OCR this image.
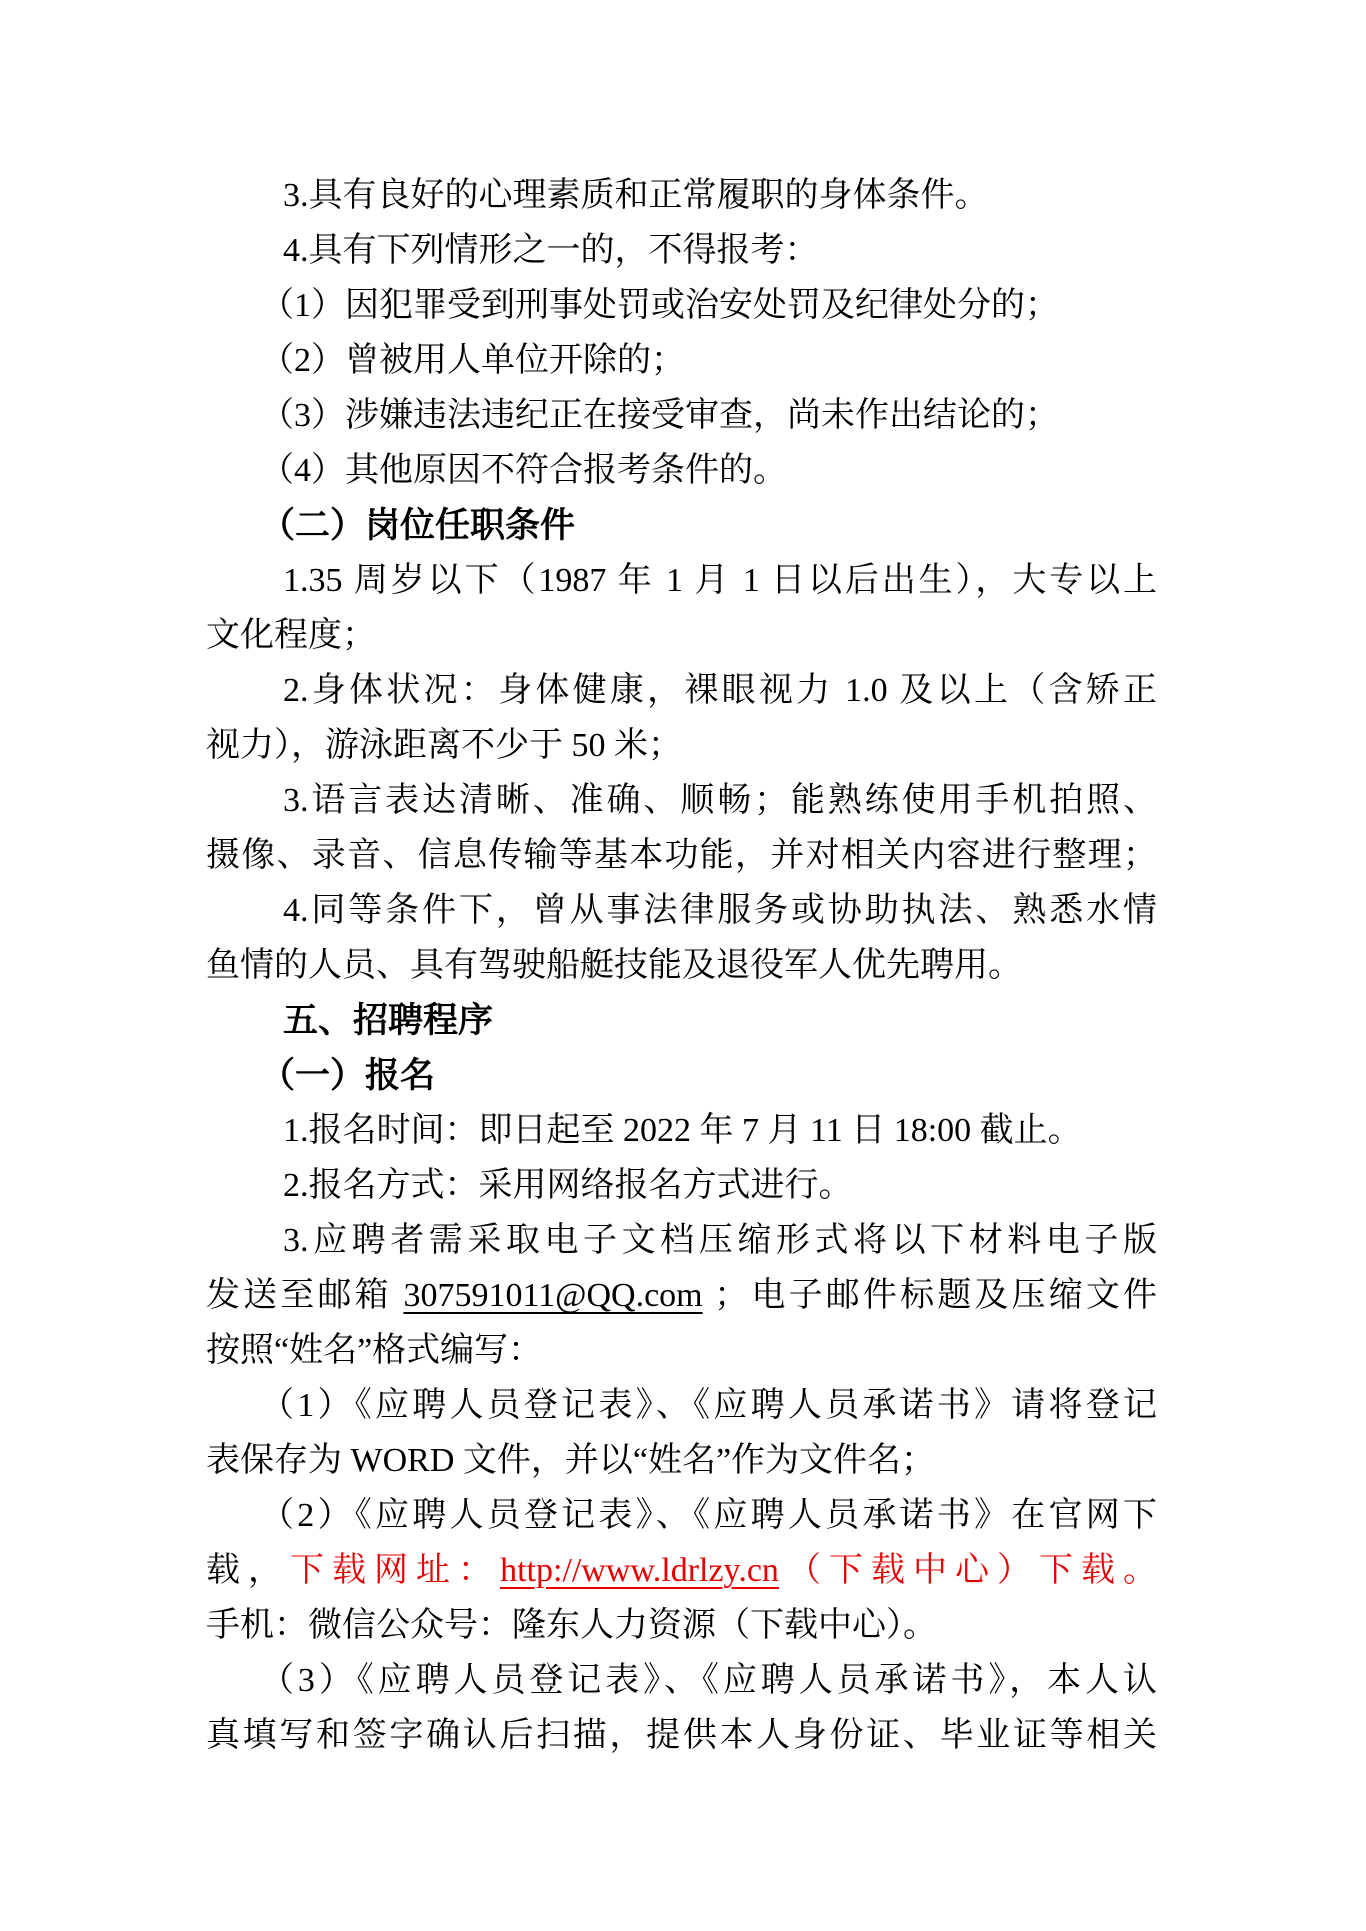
3.具有良好的心理素质和正常履职的身体条件。
4.具有下列情形之一的，不得报考：
（1）因犯罪受到刑事处罚或治安处罚及纪律处分的；
（2）曾被用人单位开除的；
（3）涉嫌违法违纪正在接受审查，尚未作出结论的；
（4）其他原因不符合报考条件的。
（二）岗位任职条件
1.35 周岁以下（1987 年 1 月 1 日以后出生），大专以上
文化程度；
2.身体状况：身体健康，裸眼视力 1.0 及以上（含矫正
视力），游泳距离不少于 50 米；
3.语言表达清晰、准确、顺畅；能熟练使用手机拍照、
摄像、录音、信息传输等基本功能，并对相关内容进行整理；
4.同等条件下，曾从事法律服务或协助执法、熟悉水情
鱼情的人员、具有驾驶船艇技能及退役军人优先聘用。
五、招聘程序
（一）报名
1.报名时间：即日起至 2022 年 7 月 11 日 18:00 截止。
2.报名方式：采用网络报名方式进行。
3.应聘者需采取电子文档压缩形式将以下材料电子版
发送至邮箱 307591011@QQ.com ；电子邮件标题及压缩文件
按照“姓名”格式编写：
（1）《应聘人员登记表》、《应聘人员承诺书》请将登记
表保存为 WORD 文件，并以“姓名”作为文件名；
（2）《应聘人员登记表》、《应聘人员承诺书》在官网下
载，下载网址：http://www.ldrlzy.cn（下载中心）下载。
手机：微信公众号：隆东人力资源（下载中心）。
（3）《应聘人员登记表》、《应聘人员承诺书》，本人认
真填写和签字确认后扫描，提供本人身份证、毕业证等相关
